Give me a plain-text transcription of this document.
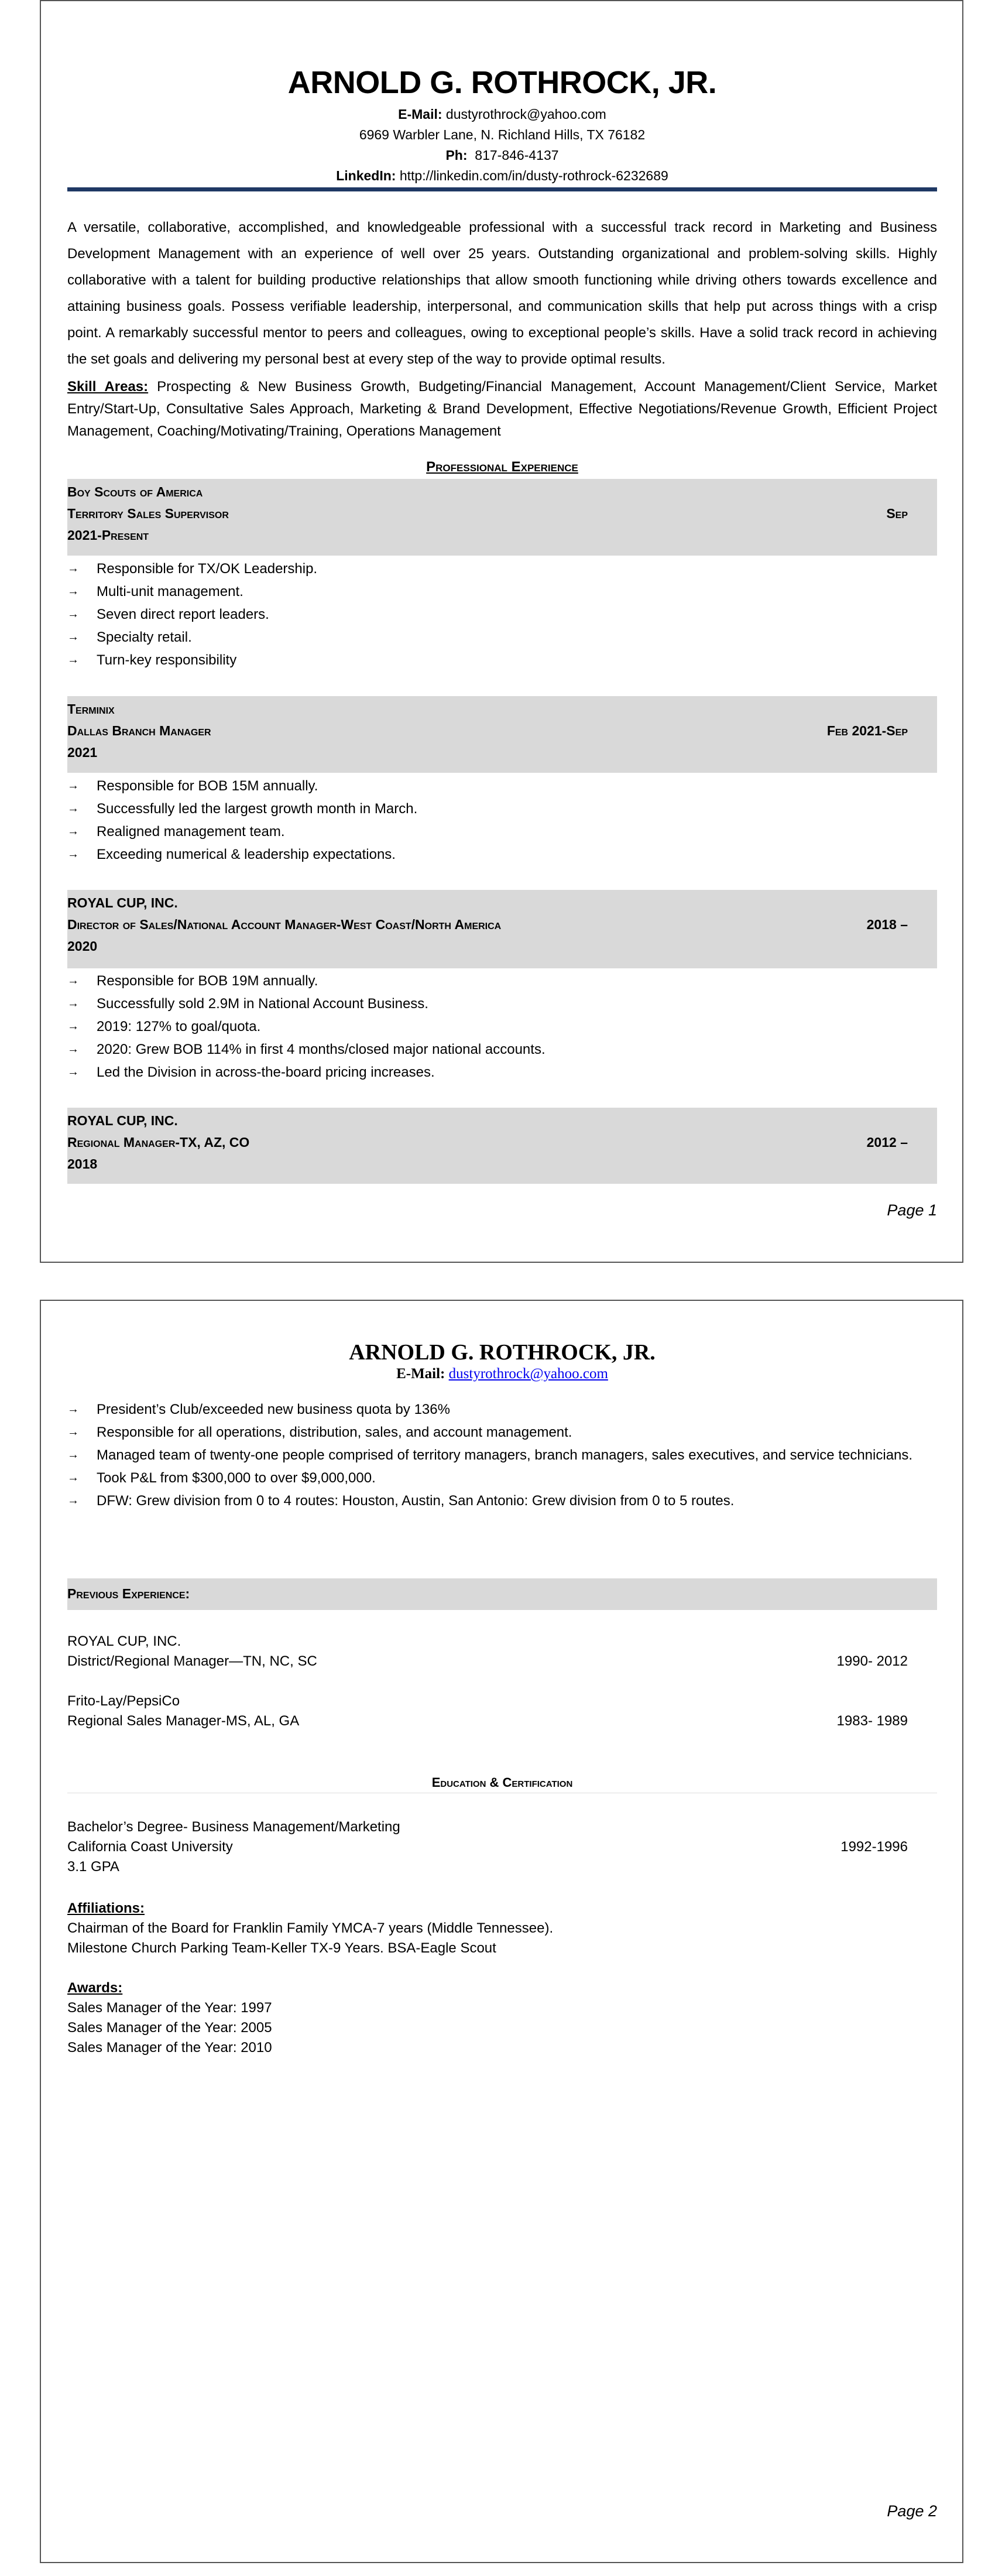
ARNOLD G. ROTHROCK, JR.
E-Mail: dustyrothrock@yahoo.com
6969 Warbler Lane, N. Richland Hills, TX 76182
Ph: 817-846-4137
LinkedIn: http://linkedin.com/in/dusty-rothrock-6232689
A versatile, collaborative, accomplished, and knowledgeable professional with a successful track record in Marketing and Business Development Management with an experience of well over 25 years. Outstanding organizational and problem-solving skills. Highly collaborative with a talent for building productive relationships that allow smooth functioning while driving others towards excellence and attaining business goals. Possess verifiable leadership, interpersonal, and communication skills that help put across things with a crisp point. A remarkably successful mentor to peers and colleagues, owing to exceptional people’s skills. Have a solid track record in achieving the set goals and delivering my personal best at every step of the way to provide optimal results.
Skill Areas: Prospecting & New Business Growth, Budgeting/Financial Management, Account Management/Client Service, Market Entry/Start-Up, Consultative Sales Approach, Marketing & Brand Development, Effective Negotiations/Revenue Growth, Efficient Project Management, Coaching/Motivating/Training, Operations Management
Professional Experience
Boy Scouts of America
Territory Sales Supervisor	Sep
2021-Present
→ Responsible for TX/OK Leadership.
→ Multi-unit management.
→ Seven direct report leaders.
→ Specialty retail.
→ Turn-key responsibility
Terminix
Dallas Branch Manager	Feb 2021-Sep
2021
→ Responsible for BOB 15M annually.
→ Successfully led the largest growth month in March.
→ Realigned management team.
→ Exceeding numerical & leadership expectations.
ROYAL CUP, INC.
Director of Sales/National Account Manager-West Coast/North America	2018 –
2020
→ Responsible for BOB 19M annually.
→ Successfully sold 2.9M in National Account Business.
→ 2019: 127% to goal/quota.
→ 2020: Grew BOB 114% in first 4 months/closed major national accounts.
→ Led the Division in across-the-board pricing increases.
ROYAL CUP, INC.
Regional Manager-TX, AZ, CO	2012 –
2018
Page 1
ARNOLD G. ROTHROCK, JR.
E-Mail: dustyrothrock@yahoo.com
→ President’s Club/exceeded new business quota by 136%
→ Responsible for all operations, distribution, sales, and account management.
→ Managed team of twenty-one people comprised of territory managers, branch managers, sales executives, and service technicians.
→ Took P&L from $300,000 to over $9,000,000.
→ DFW: Grew division from 0 to 4 routes: Houston, Austin, San Antonio: Grew division from 0 to 5 routes.
Previous Experience:
ROYAL CUP, INC.
District/Regional Manager—TN, NC, SC	1990- 2012
Frito-Lay/PepsiCo
Regional Sales Manager-MS, AL, GA	1983- 1989
Education & Certification
Bachelor’s Degree- Business Management/Marketing
California Coast University	1992-1996
3.1 GPA
Affiliations:
Chairman of the Board for Franklin Family YMCA-7 years (Middle Tennessee).
Milestone Church Parking Team-Keller TX-9 Years. BSA-Eagle Scout
Awards:
Sales Manager of the Year: 1997
Sales Manager of the Year: 2005
Sales Manager of the Year: 2010
Page 2
